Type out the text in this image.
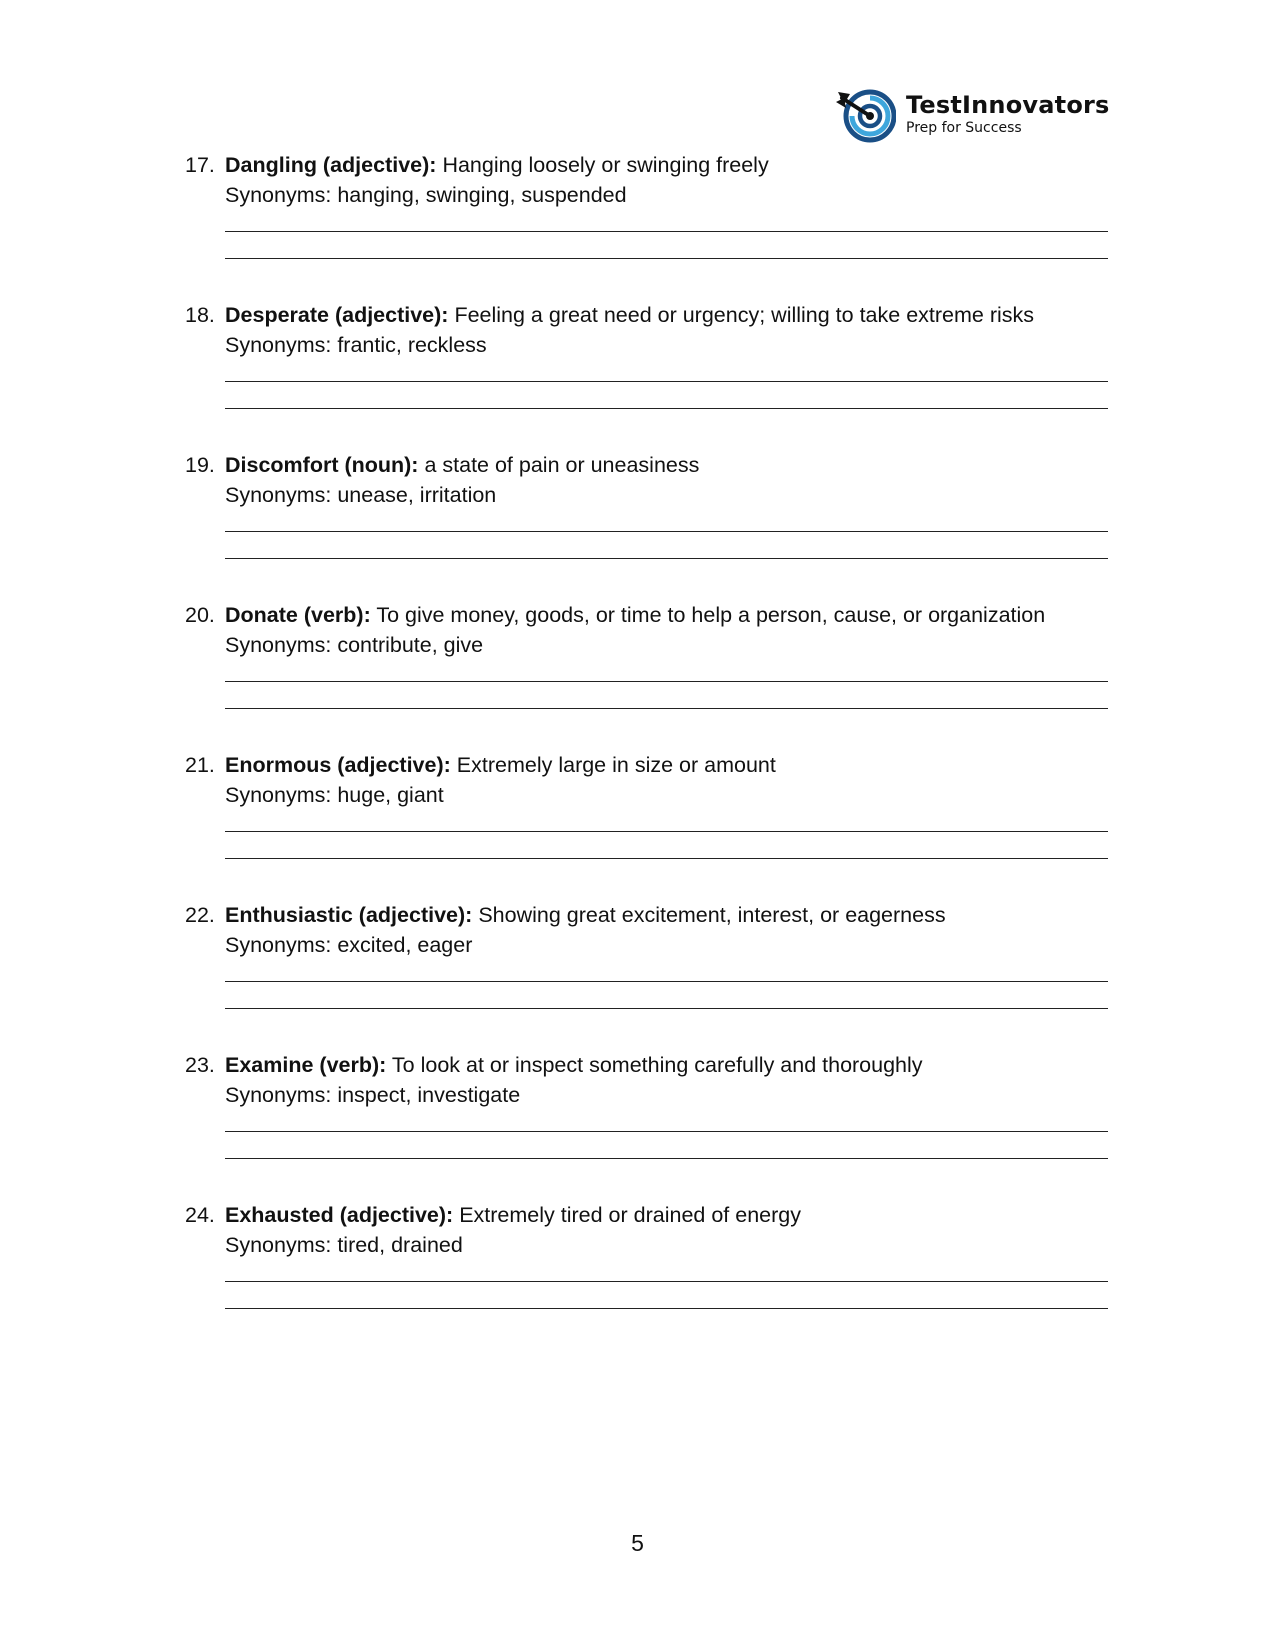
TestInnovators
Prep for Success
17. Dangling (adjective): Hanging loosely or swinging freely
Synonyms: hanging, swinging, suspended
18. Desperate (adjective): Feeling a great need or urgency; willing to take extreme risks
Synonyms: frantic, reckless
19. Discomfort (noun): a state of pain or uneasiness
Synonyms: unease, irritation
20. Donate (verb): To give money, goods, or time to help a person, cause, or organization
Synonyms: contribute, give
21. Enormous (adjective): Extremely large in size or amount
Synonyms: huge, giant
22. Enthusiastic (adjective): Showing great excitement, interest, or eagerness
Synonyms: excited, eager
23. Examine (verb): To look at or inspect something carefully and thoroughly
Synonyms: inspect, investigate
24. Exhausted (adjective): Extremely tired or drained of energy
Synonyms: tired, drained
5
